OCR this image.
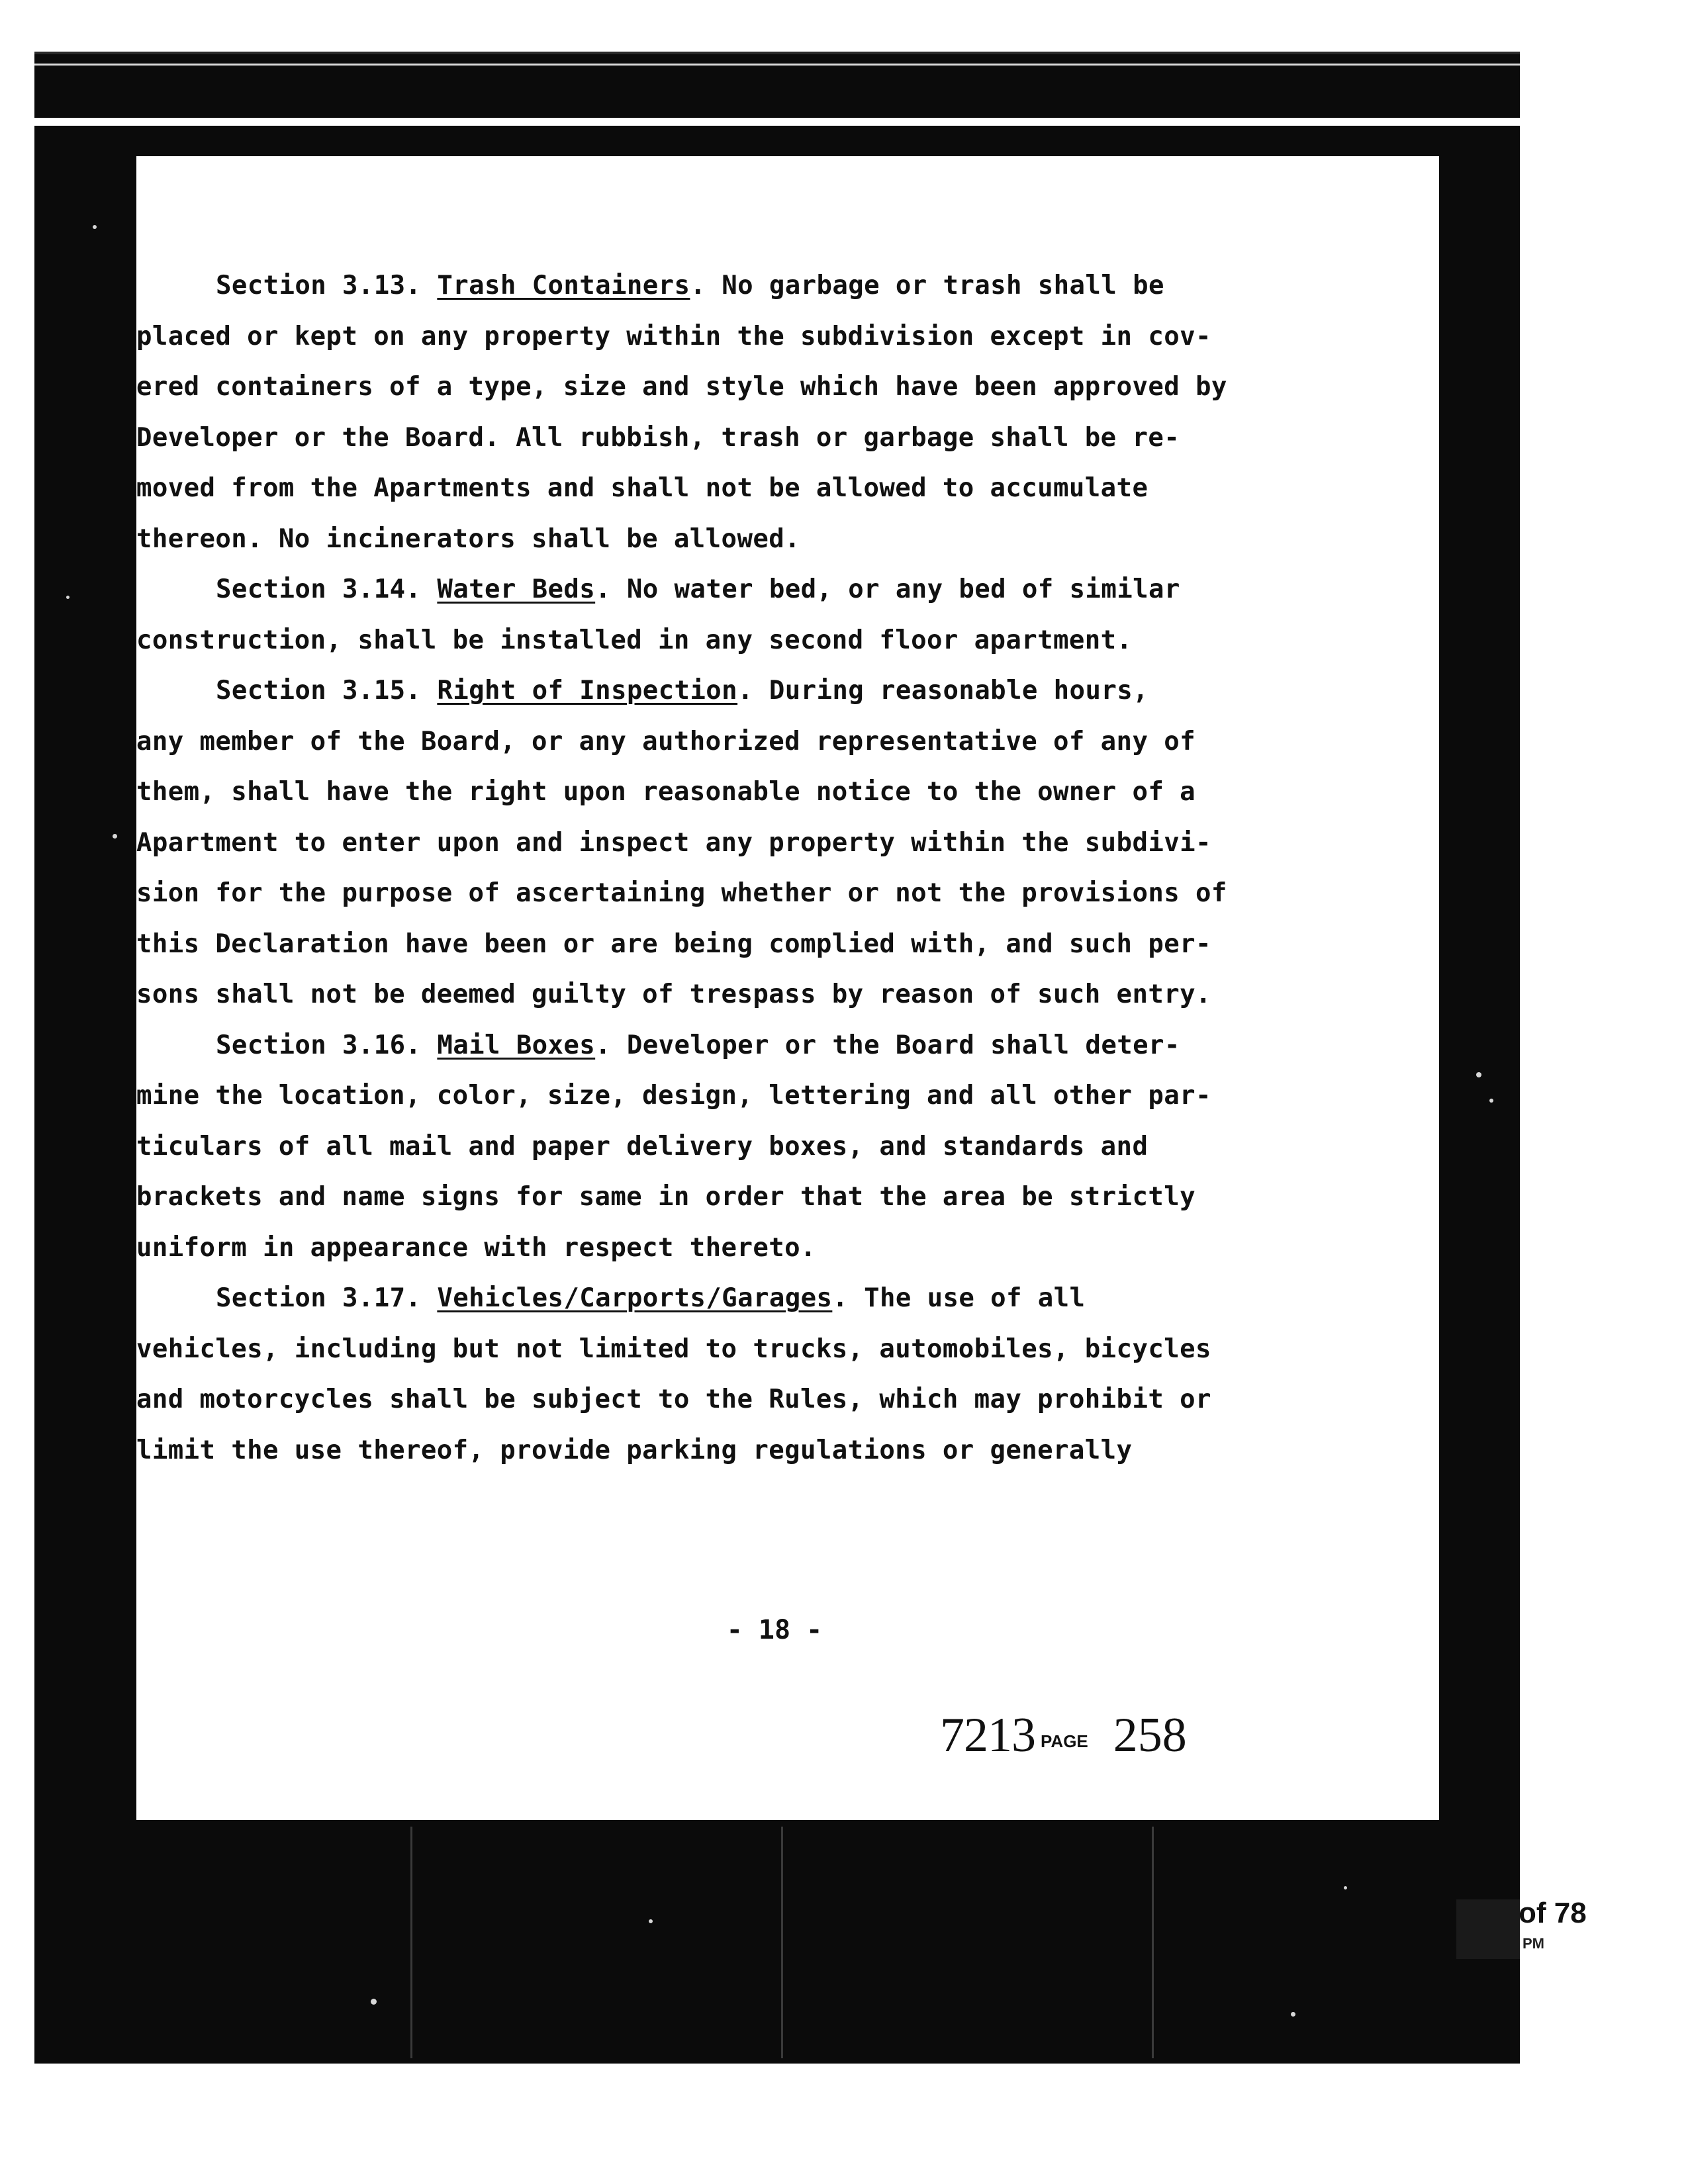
Section 3.13. Trash Containers. No garbage or trash shall be
placed or kept on any property within the subdivision except in cov-
ered containers of a type, size and style which have been approved by
Developer or the Board. All rubbish, trash or garbage shall be re-
moved from the Apartments and shall not be allowed to accumulate
thereon. No incinerators shall be allowed.
Section 3.14. Water Beds. No water bed, or any bed of similar
construction, shall be installed in any second floor apartment.
Section 3.15. Right of Inspection. During reasonable hours,
any member of the Board, or any authorized representative of any of
them, shall have the right upon reasonable notice to the owner of a
Apartment to enter upon and inspect any property within the subdivi-
sion for the purpose of ascertaining whether or not the provisions of
this Declaration have been or are being complied with, and such per-
sons shall not be deemed guilty of trespass by reason of such entry.
Section 3.16. Mail Boxes. Developer or the Board shall deter-
mine the location, color, size, design, lettering and all other par-
ticulars of all mail and paper delivery boxes, and standards and
brackets and name signs for same in order that the area be strictly
uniform in appearance with respect thereto.
Section 3.17. Vehicles/Carports/Garages. The use of all
vehicles, including but not limited to trucks, automobiles, bicycles
and motorcycles shall be subject to the Rules, which may prohibit or
limit the use thereof, provide parking regulations or generally
- 18 -
7213 PAGE 258
of 78
PM
